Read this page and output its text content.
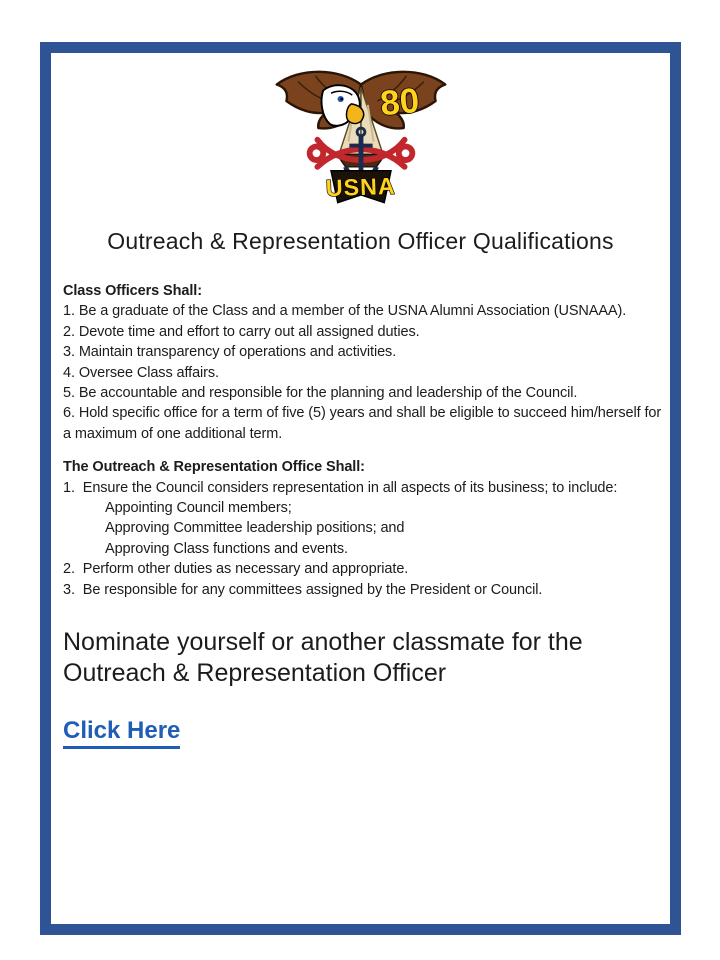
80
USNA
Outreach & Representation Officer Qualifications

Class Officers Shall:

1. Be a graduate of the Class and a member of the USNA Alumni Association (USNAAA).

2. Devote time and effort to carry out all assigned duties.

3. Maintain transparency of operations and activities.

4. Oversee Class affairs.

5. Be accountable and responsible for the planning and leadership of the Council.

6. Hold specific office for a term of five (5) years and shall be eligible to succeed him/herself for a maximum of one additional term.

The Outreach & Representation Office Shall:

1.  Ensure the Council considers representation in all aspects of its business; to include:

Appointing Council members;

Approving Committee leadership positions; and

Approving Class functions and events.

2.  Perform other duties as necessary and appropriate.

3.  Be responsible for any committees assigned by the President or Council.

Nominate yourself or another classmate for the Outreach & Representation Officer
Click Here
